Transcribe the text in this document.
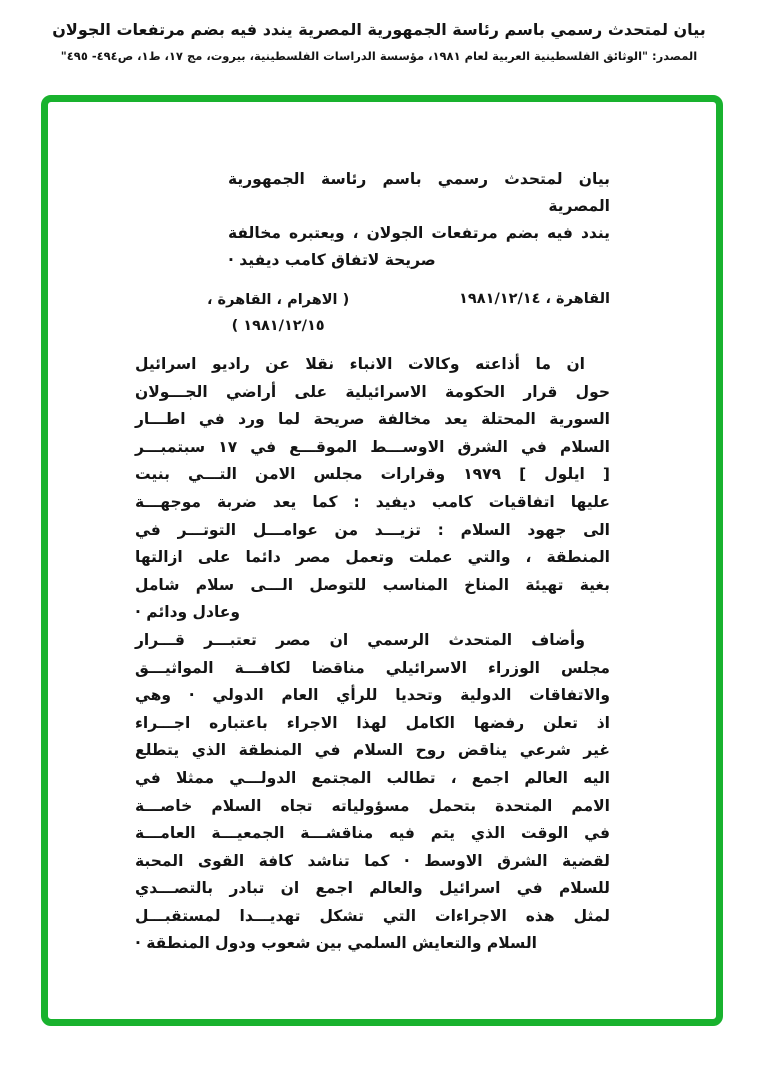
بيان لمتحدث رسمي باسم رئاسة الجمهورية المصرية يندد فيه بضم مرتفعات الجولان
المصدر: "الوثائق الفلسطينية العربية لعام ١٩٨١، مؤسسة الدراسات الفلسطينية، بيروت، مج ١٧، ط١، ص٤٩٤- ٤٩٥"
بيان لمتحدث رسمي باسم رئاسة الجمهورية المصرية
يندد فيه بضم مرتفعات الجولان ، ويعتبره مخالفة
صريحة لاتفاق كامب ديفيد ·
القاهرة ، ١٩٨١/١٢/١٤
( الاهرام ، القاهرة ،
١٩٨١/١٢/١٥ )
ان ما أذاعته وكالات الانباء نقلا عن راديو اسرائيل
حول قرار الحكومة الاسرائيلية على أراضي الجـــولان
السورية المحتلة يعد مخالفة صريحة لما ورد في اطـــار
السلام في الشرق الاوســـط الموقـــع في ١٧ سبتمبـــر
[ ايلول ] ١٩٧٩ وقرارات مجلس الامن التـــي بنيت
عليها اتفاقيات كامب ديفيد : كما يعد ضربة موجهـــة
الى جهود السلام : تزيـــد من عوامـــل التوتـــر في
المنطقة ، والتي عملت وتعمل مصر دائما على ازالتها
بغية تهيئة المناخ المناسب للتوصل الـــى سلام شامل
وعادل ودائم ·
وأضاف المتحدث الرسمي ان مصر تعتبـــر قـــرار
مجلس الوزراء الاسرائيلي مناقضا لكافـــة المواثيـــق
والاتفاقات الدولية وتحديا للرأي العام الدولي · وهي
اذ تعلن رفضها الكامل لهذا الاجراء باعتباره اجـــراء
غير شرعي يناقض روح السلام في المنطقة الذي يتطلع
اليه العالم اجمع ، تطالب المجتمع الدولـــي ممثلا في
الامم المتحدة بتحمل مسؤولياته تجاه السلام خاصـــة
في الوقت الذي يتم فيه مناقشـــة الجمعيـــة العامـــة
لقضية الشرق الاوسط · كما تناشد كافة القوى المحبة
للسلام في اسرائيل والعالم اجمع ان تبادر بالتصـــدي
لمثل هذه الاجراءات التي تشكل تهديـــدا لمستقبـــل
السلام والتعايش السلمي بين شعوب ودول المنطقة ·
